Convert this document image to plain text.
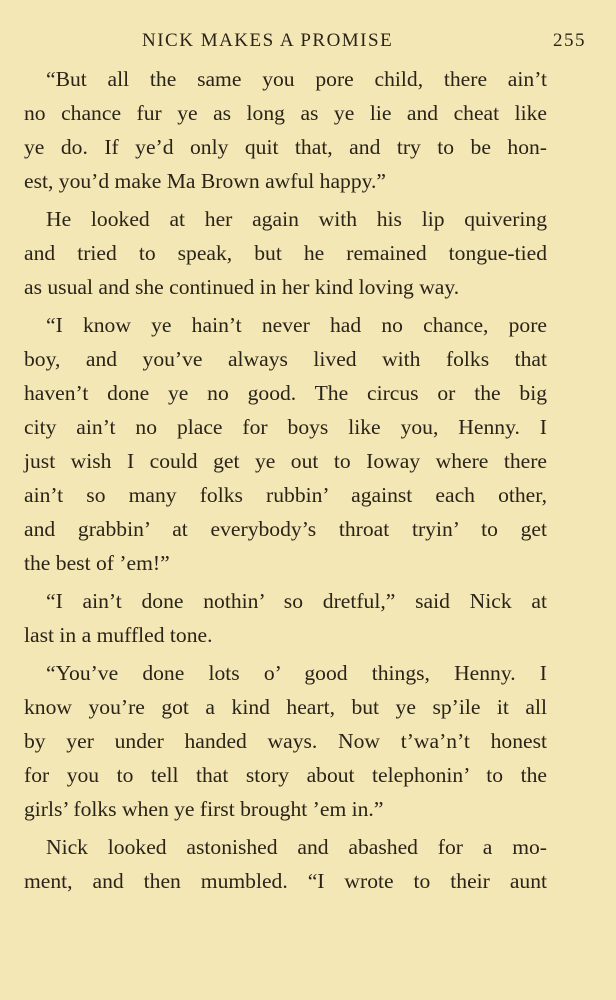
NICK MAKES A PROMISE	255
“But all the same you pore child, there ain’t
no chance fur ye as long as ye lie and cheat like
ye do. If ye’d only quit that, and try to be hon-
est, you’d make Ma Brown awful happy.”
He looked at her again with his lip quivering
and tried to speak, but he remained tongue-tied
as usual and she continued in her kind loving way.
“I know ye hain’t never had no chance, pore
boy, and you’ve always lived with folks that
haven’t done ye no good. The circus or the big
city ain’t no place for boys like you, Henny. I
just wish I could get ye out to Ioway where there
ain’t so many folks rubbin’ against each other,
and grabbin’ at everybody’s throat tryin’ to get
the best of ’em!”
“I ain’t done nothin’ so dretful,” said Nick at
last in a muffled tone.
“You’ve done lots o’ good things, Henny. I
know you’re got a kind heart, but ye sp’ile it all
by yer under handed ways. Now t’wa’n’t honest
for you to tell that story about telephonin’ to the
girls’ folks when ye first brought ’em in.”
Nick looked astonished and abashed for a mo-
ment, and then mumbled. “I wrote to their aunt
